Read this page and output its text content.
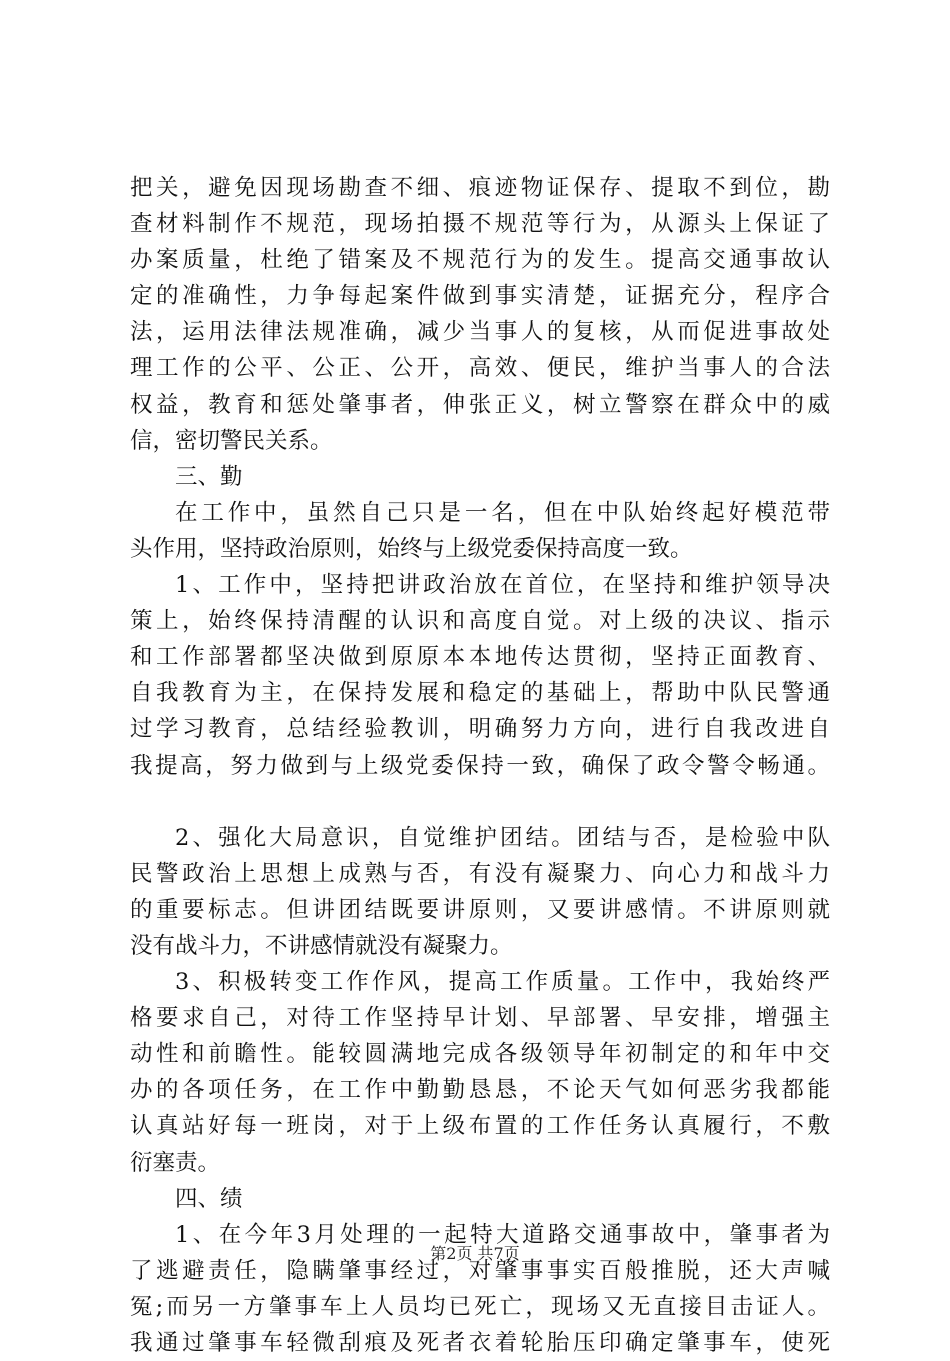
把关，避免因现场勘查不细、痕迹物证保存、提取不到位，勘
查材料制作不规范，现场拍摄不规范等行为，从源头上保证了
办案质量，杜绝了错案及不规范行为的发生。提高交通事故认
定的准确性，力争每起案件做到事实清楚，证据充分，程序合
法，运用法律法规准确，减少当事人的复核，从而促进事故处
理工作的公平、公正、公开，高效、便民，维护当事人的合法
权益，教育和惩处肇事者，伸张正义，树立警察在群众中的威
信，密切警民关系。
三、勤
在工作中，虽然自己只是一名，但在中队始终起好模范带
头作用，坚持政治原则，始终与上级党委保持高度一致。
1、工作中，坚持把讲政治放在首位，在坚持和维护领导决
策上，始终保持清醒的认识和高度自觉。对上级的决议、指示
和工作部署都坚决做到原原本本地传达贯彻，坚持正面教育、
自我教育为主，在保持发展和稳定的基础上，帮助中队民警通
过学习教育，总结经验教训，明确努力方向，进行自我改进自
我提高，努力做到与上级党委保持一致，确保了政令警令畅通。
2、强化大局意识，自觉维护团结。团结与否，是检验中队
民警政治上思想上成熟与否，有没有凝聚力、向心力和战斗力
的重要标志。但讲团结既要讲原则，又要讲感情。不讲原则就
没有战斗力，不讲感情就没有凝聚力。
3、积极转变工作作风，提高工作质量。工作中，我始终严
格要求自己，对待工作坚持早计划、早部署、早安排，增强主
动性和前瞻性。能较圆满地完成各级领导年初制定的和年中交
办的各项任务，在工作中勤勤恳恳，不论天气如何恶劣我都能
认真站好每一班岗，对于上级布置的工作任务认真履行，不敷
衍塞责。
四、绩
1、在今年3月处理的一起特大道路交通事故中，肇事者为
了逃避责任，隐瞒肇事经过，对肇事事实百般推脱，还大声喊
冤;而另一方肇事车上人员均已死亡，现场又无直接目击证人。
我通过肇事车轻微刮痕及死者衣着轮胎压印确定肇事车，使死
第2页 共7页
